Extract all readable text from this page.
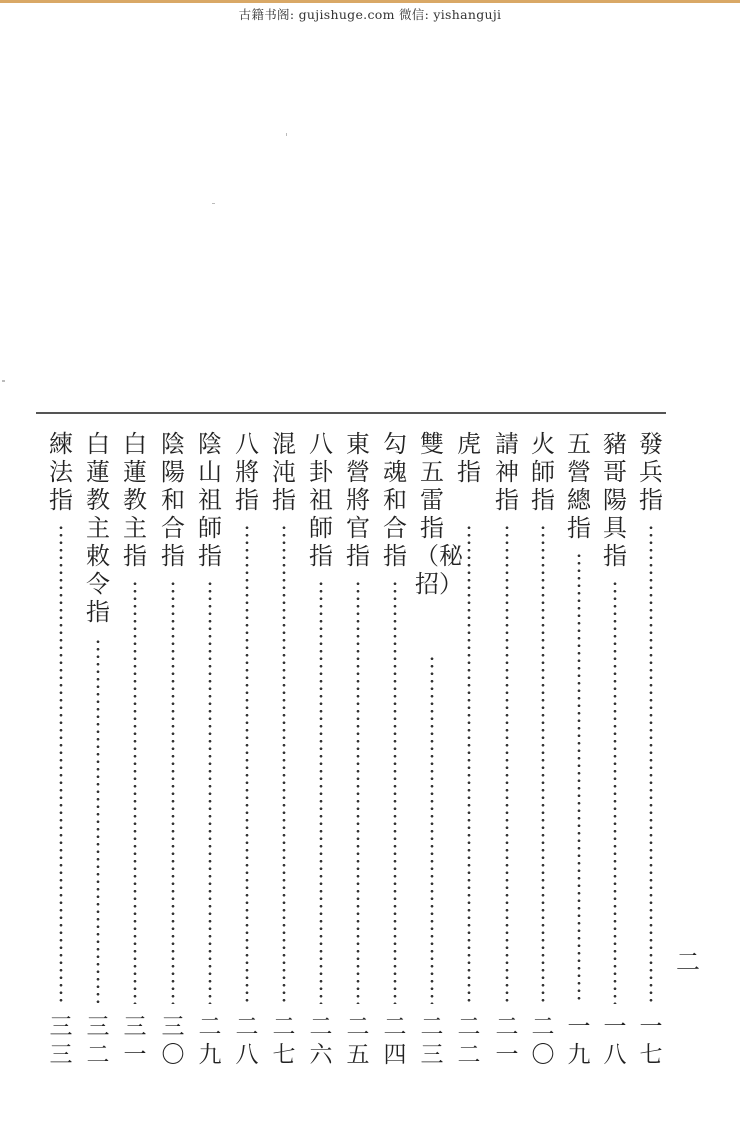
古籍书阁: gujishuge.com 微信: yishanguji
發兵指
一七
豬哥陽具指
一八
五營總指
一九
火師指
二〇
請神指
二一
虎 指
二二
雙五雷指（秘招）
二三
勾魂和合指
二四
東營將官指
二五
八卦祖師指
二六
混沌指
二七
八將指
二八
陰山祖師指
二九
陰陽和合指
三〇
白蓮教主指
三一
白蓮教主敕令指
三二
練法指
三三
二
